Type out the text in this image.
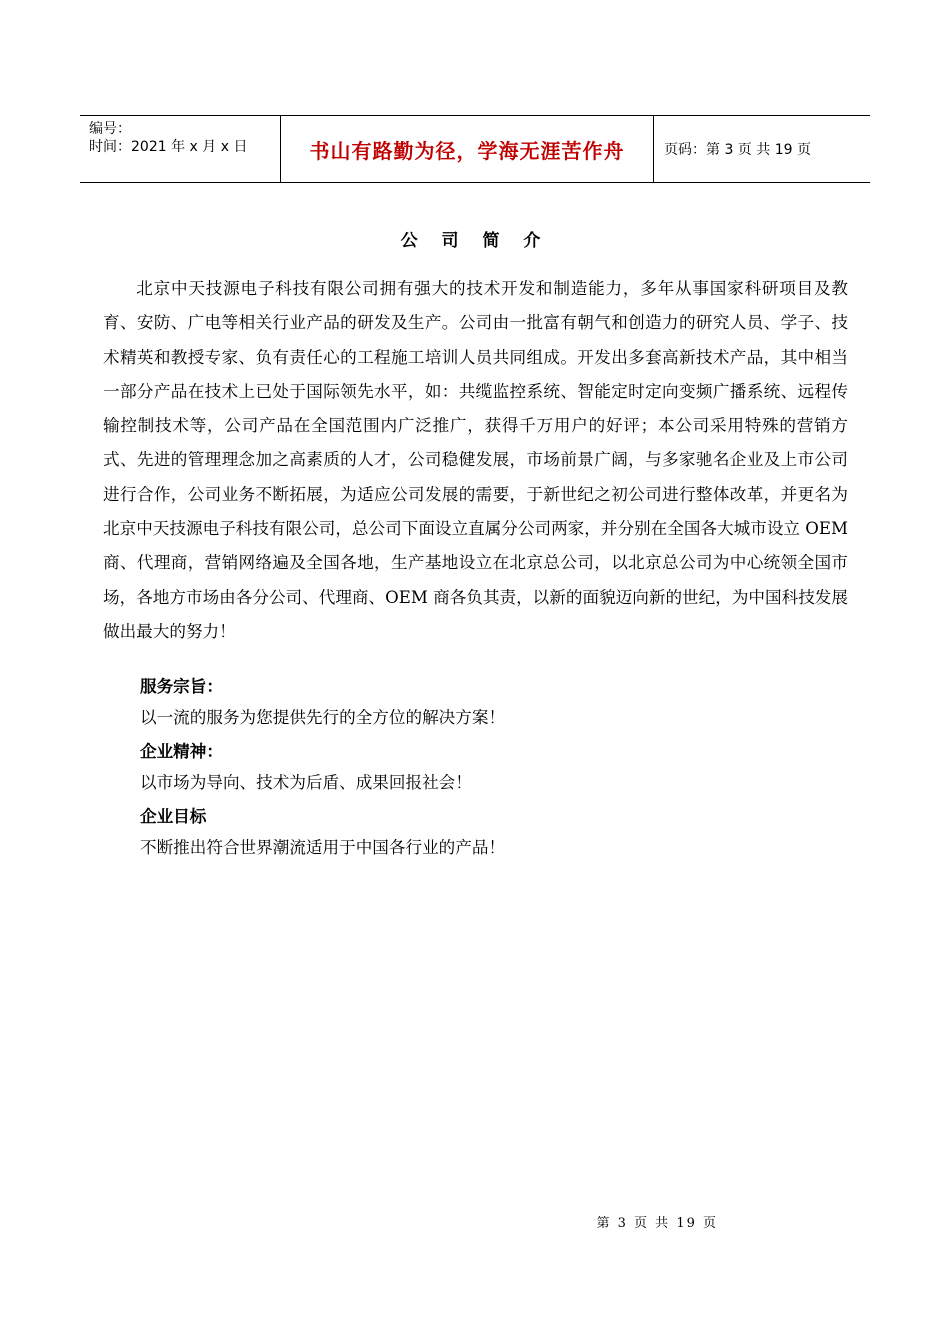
编号：
时间：2021 年 x 月 x 日	书山有路勤为径，学海无涯苦作舟	页码：第 3 页 共 19 页
公 司 简 介

北京中天技源电子科技有限公司拥有强大的技术开发和制造能力，多年从事国家科研项目及教育、安防、广电等相关行业产品的研发及生产。公司由一批富有朝气和创造力的研究人员、学子、技术精英和教授专家、负有责任心的工程施工培训人员共同组成。开发出多套高新技术产品，其中相当一部分产品在技术上已处于国际领先水平，如：共缆监控系统、智能定时定向变频广播系统、远程传输控制技术等，公司产品在全国范围内广泛推广，获得千万用户的好评；本公司采用特殊的营销方式、先进的管理理念加之高素质的人才，公司稳健发展，市场前景广阔，与多家驰名企业及上市公司进行合作，公司业务不断拓展，为适应公司发展的需要，于新世纪之初公司进行整体改革，并更名为北京中天技源电子科技有限公司，总公司下面设立直属分公司两家，并分别在全国各大城市设立 OEM 商、代理商，营销网络遍及全国各地，生产基地设立在北京总公司，以北京总公司为中心统领全国市场，各地方市场由各分公司、代理商、OEM 商各负其责，以新的面貌迈向新的世纪，为中国科技发展做出最大的努力！

服务宗旨：
以一流的服务为您提供先行的全方位的解决方案！
企业精神：
以市场为导向、技术为后盾、成果回报社会！
企业目标
不断推出符合世界潮流适用于中国各行业的产品！
第 3 页 共 19 页
